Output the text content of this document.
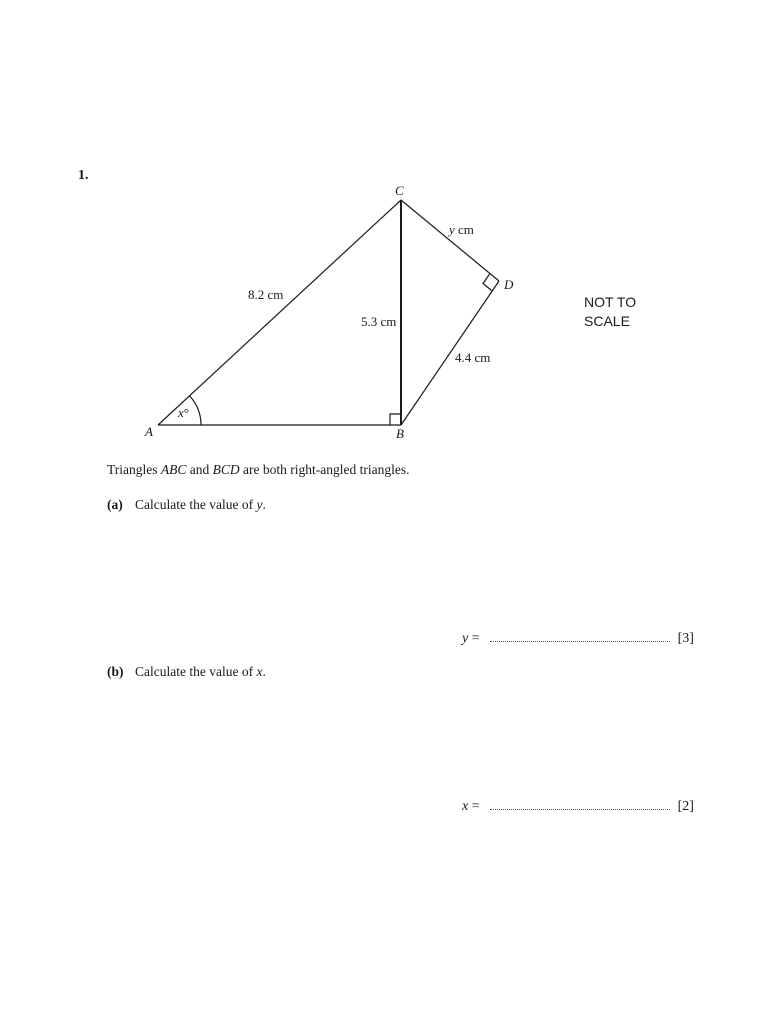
1.
A	B
C
D
8.2 cm
5.3 cm
4.4 cm
y cm
x°
NOT TO
SCALE
Triangles ABC and BCD are both right-angled triangles.
(a) Calculate the value of y.
y =	[3]
(b) Calculate the value of x.
x =	[2]
